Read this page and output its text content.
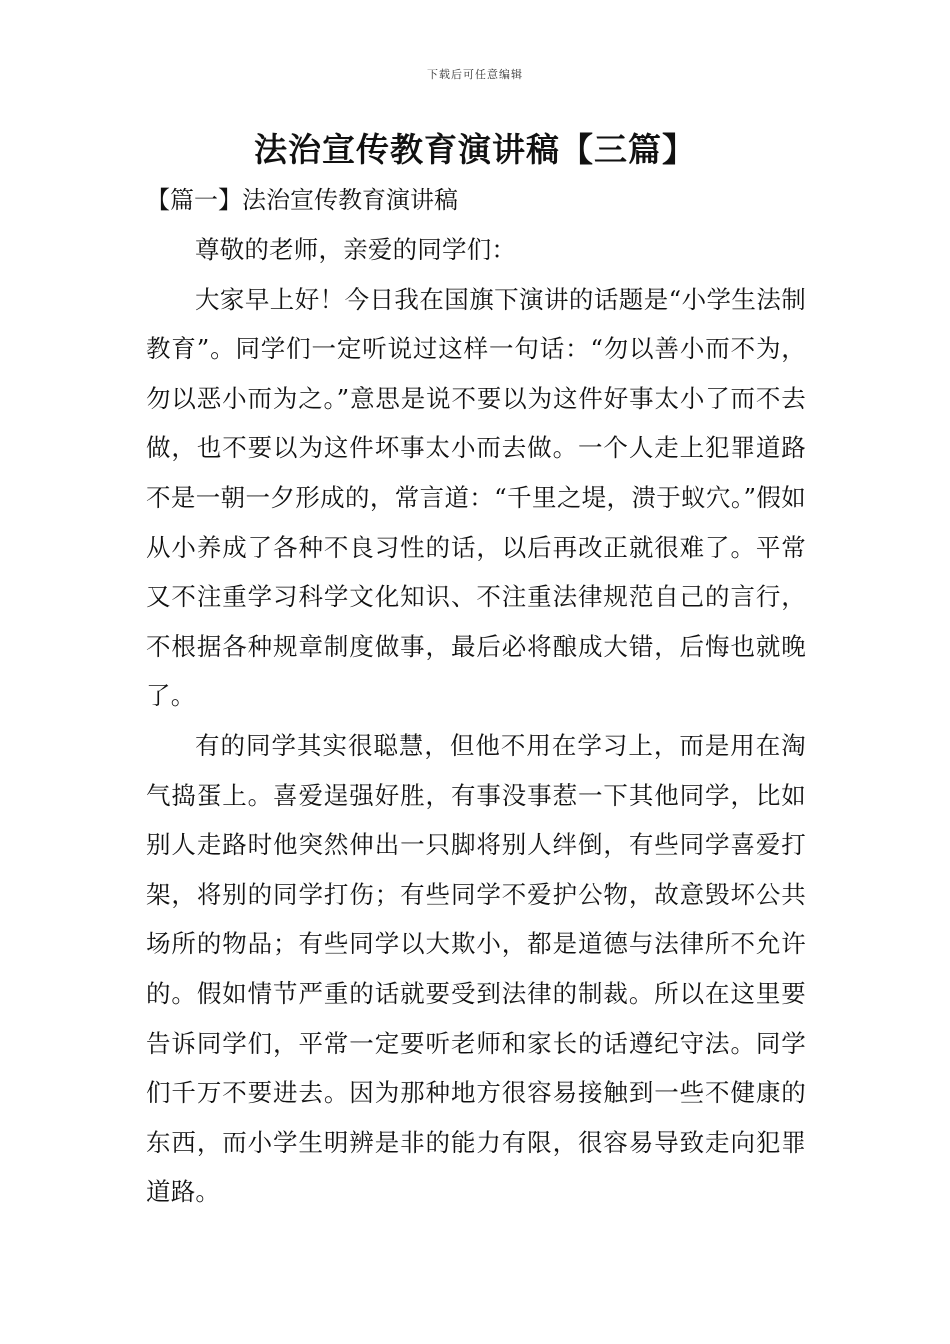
下载后可任意编辑
法治宣传教育演讲稿【三篇】
【篇一】法治宣传教育演讲稿

尊敬的老师，亲爱的同学们：

大家早上好！今日我在国旗下演讲的话题是“小学生法制教育”。同学们一定听说过这样一句话：“勿以善小而不为，勿以恶小而为之。”意思是说不要以为这件好事太小了而不去做，也不要以为这件坏事太小而去做。一个人走上犯罪道路不是一朝一夕形成的，常言道：“千里之堤，溃于蚁穴。”假如从小养成了各种不良习性的话，以后再改正就很难了。平常又不注重学习科学文化知识、不注重法律规范自己的言行，不根据各种规章制度做事，最后必将酿成大错，后悔也就晚了。

有的同学其实很聪慧，但他不用在学习上，而是用在淘气捣蛋上。喜爱逞强好胜，有事没事惹一下其他同学，比如别人走路时他突然伸出一只脚将别人绊倒，有些同学喜爱打架，将别的同学打伤；有些同学不爱护公物，故意毁坏公共场所的物品；有些同学以大欺小，都是道德与法律所不允许的。假如情节严重的话就要受到法律的制裁。所以在这里要告诉同学们，平常一定要听老师和家长的话遵纪守法。同学们千万不要进去。因为那种地方很容易接触到一些不健康的东西，而小学生明辨是非的能力有限，很容易导致走向犯罪道路。
